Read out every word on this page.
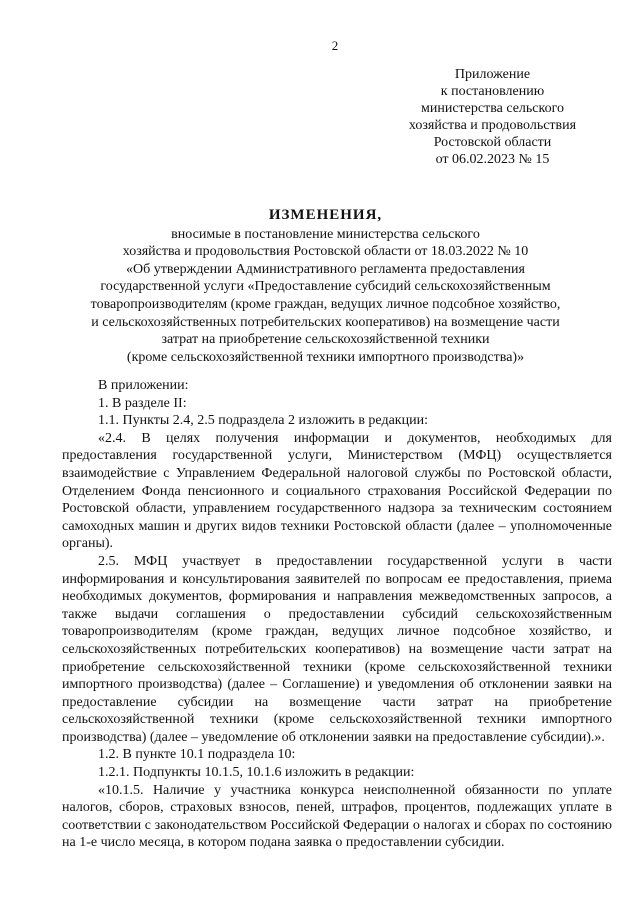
2
Приложение
к постановлению
министерства сельского
хозяйства и продовольствия
Ростовской области
от 06.02.2023 № 15
ИЗМЕНЕНИЯ,
вносимые в постановление министерства сельского
хозяйства и продовольствия Ростовской области от 18.03.2022 № 10
«Об утверждении Административного регламента предоставления
государственной услуги «Предоставление субсидий сельскохозяйственным
товаропроизводителям (кроме граждан, ведущих личное подсобное хозяйство,
и сельскохозяйственных потребительских кооперативов) на возмещение части
затрат на приобретение сельскохозяйственной техники
(кроме сельскохозяйственной техники импортного производства)»

В приложении:

1. В разделе II:

1.1. Пункты 2.4, 2.5 подраздела 2 изложить в редакции:

«2.4. В целях получения информации и документов, необходимых для предоставления государственной услуги, Министерством (МФЦ) осуществляется взаимодействие с Управлением Федеральной налоговой службы по Ростовской области, Отделением Фонда пенсионного и социального страхования Российской Федерации по Ростовской области, управлением государственного надзора за техническим состоянием самоходных машин и других видов техники Ростовской области (далее – уполномоченные органы).

2.5. МФЦ участвует в предоставлении государственной услуги в части информирования и консультирования заявителей по вопросам ее предоставления, приема необходимых документов, формирования и направления межведомственных запросов, а также выдачи соглашения о предоставлении субсидий сельскохозяйственным товаропроизводителям (кроме граждан, ведущих личное подсобное хозяйство, и сельскохозяйственных потребительских кооперативов) на возмещение части затрат на приобретение сельскохозяйственной техники (кроме сельскохозяйственной техники импортного производства) (далее – Соглашение) и уведомления об отклонении заявки на предоставление субсидии на возмещение части затрат на приобретение сельскохозяйственной техники (кроме сельскохозяйственной техники импортного производства) (далее – уведомление об отклонении заявки на предоставление субсидии).».

1.2. В пункте 10.1 подраздела 10:

1.2.1. Подпункты 10.1.5, 10.1.6 изложить в редакции:

«10.1.5. Наличие у участника конкурса неисполненной обязанности по уплате налогов, сборов, страховых взносов, пеней, штрафов, процентов, подлежащих уплате в соответствии с законодательством Российской Федерации о налогах и сборах по состоянию на 1-е число месяца, в котором подана заявка о предоставлении субсидии.
